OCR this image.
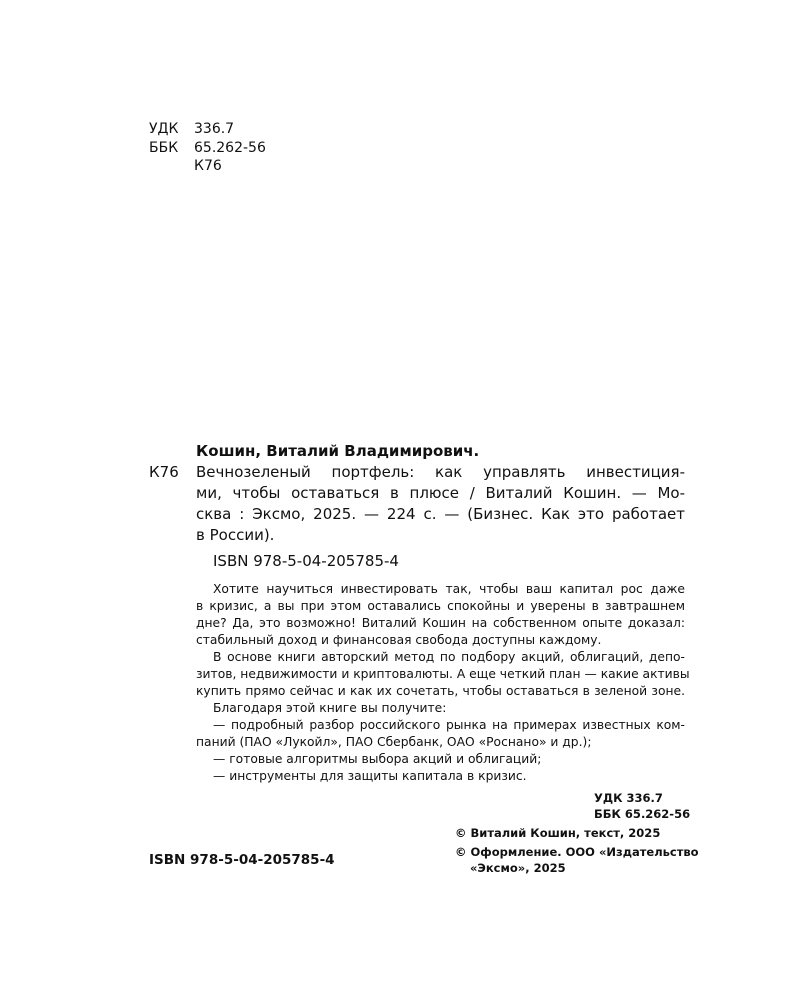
УДК 336.7
ББК 65.262-56
К76
Кошин, Виталий Владимирович.
К76 Вечнозеленый портфель: как управлять инвестиция-
ми, чтобы оставаться в плюсе / Виталий Кошин. — Мо-
сква : Эксмо, 2025. — 224 с. — (Бизнес. Как это работает
в России).
ISBN 978-5-04-205785-4
Хотите научиться инвестировать так, чтобы ваш капитал рос даже
в кризис, а вы при этом оставались спокойны и уверены в завтрашнем
дне? Да, это возможно! Виталий Кошин на собственном опыте доказал:
стабильный доход и финансовая свобода доступны каждому.
В основе книги авторский метод по подбору акций, облигаций, депо-
зитов, недвижимости и криптовалюты. А еще четкий план — какие активы
купить прямо сейчас и как их сочетать, чтобы оставаться в зеленой зоне.
Благодаря этой книге вы получите:
— подробный разбор российского рынка на примерах известных ком-
паний (ПАО «Лукойл», ПАО Сбербанк, ОАО «Роснано» и др.);
— готовые алгоритмы выбора акций и облигаций;
— инструменты для защиты капитала в кризис.
УДК 336.7
ББК 65.262-56
© Виталий Кошин, текст, 2025
© Оформление. ООО «Издательство
«Эксмо», 2025
ISBN 978-5-04-205785-4
